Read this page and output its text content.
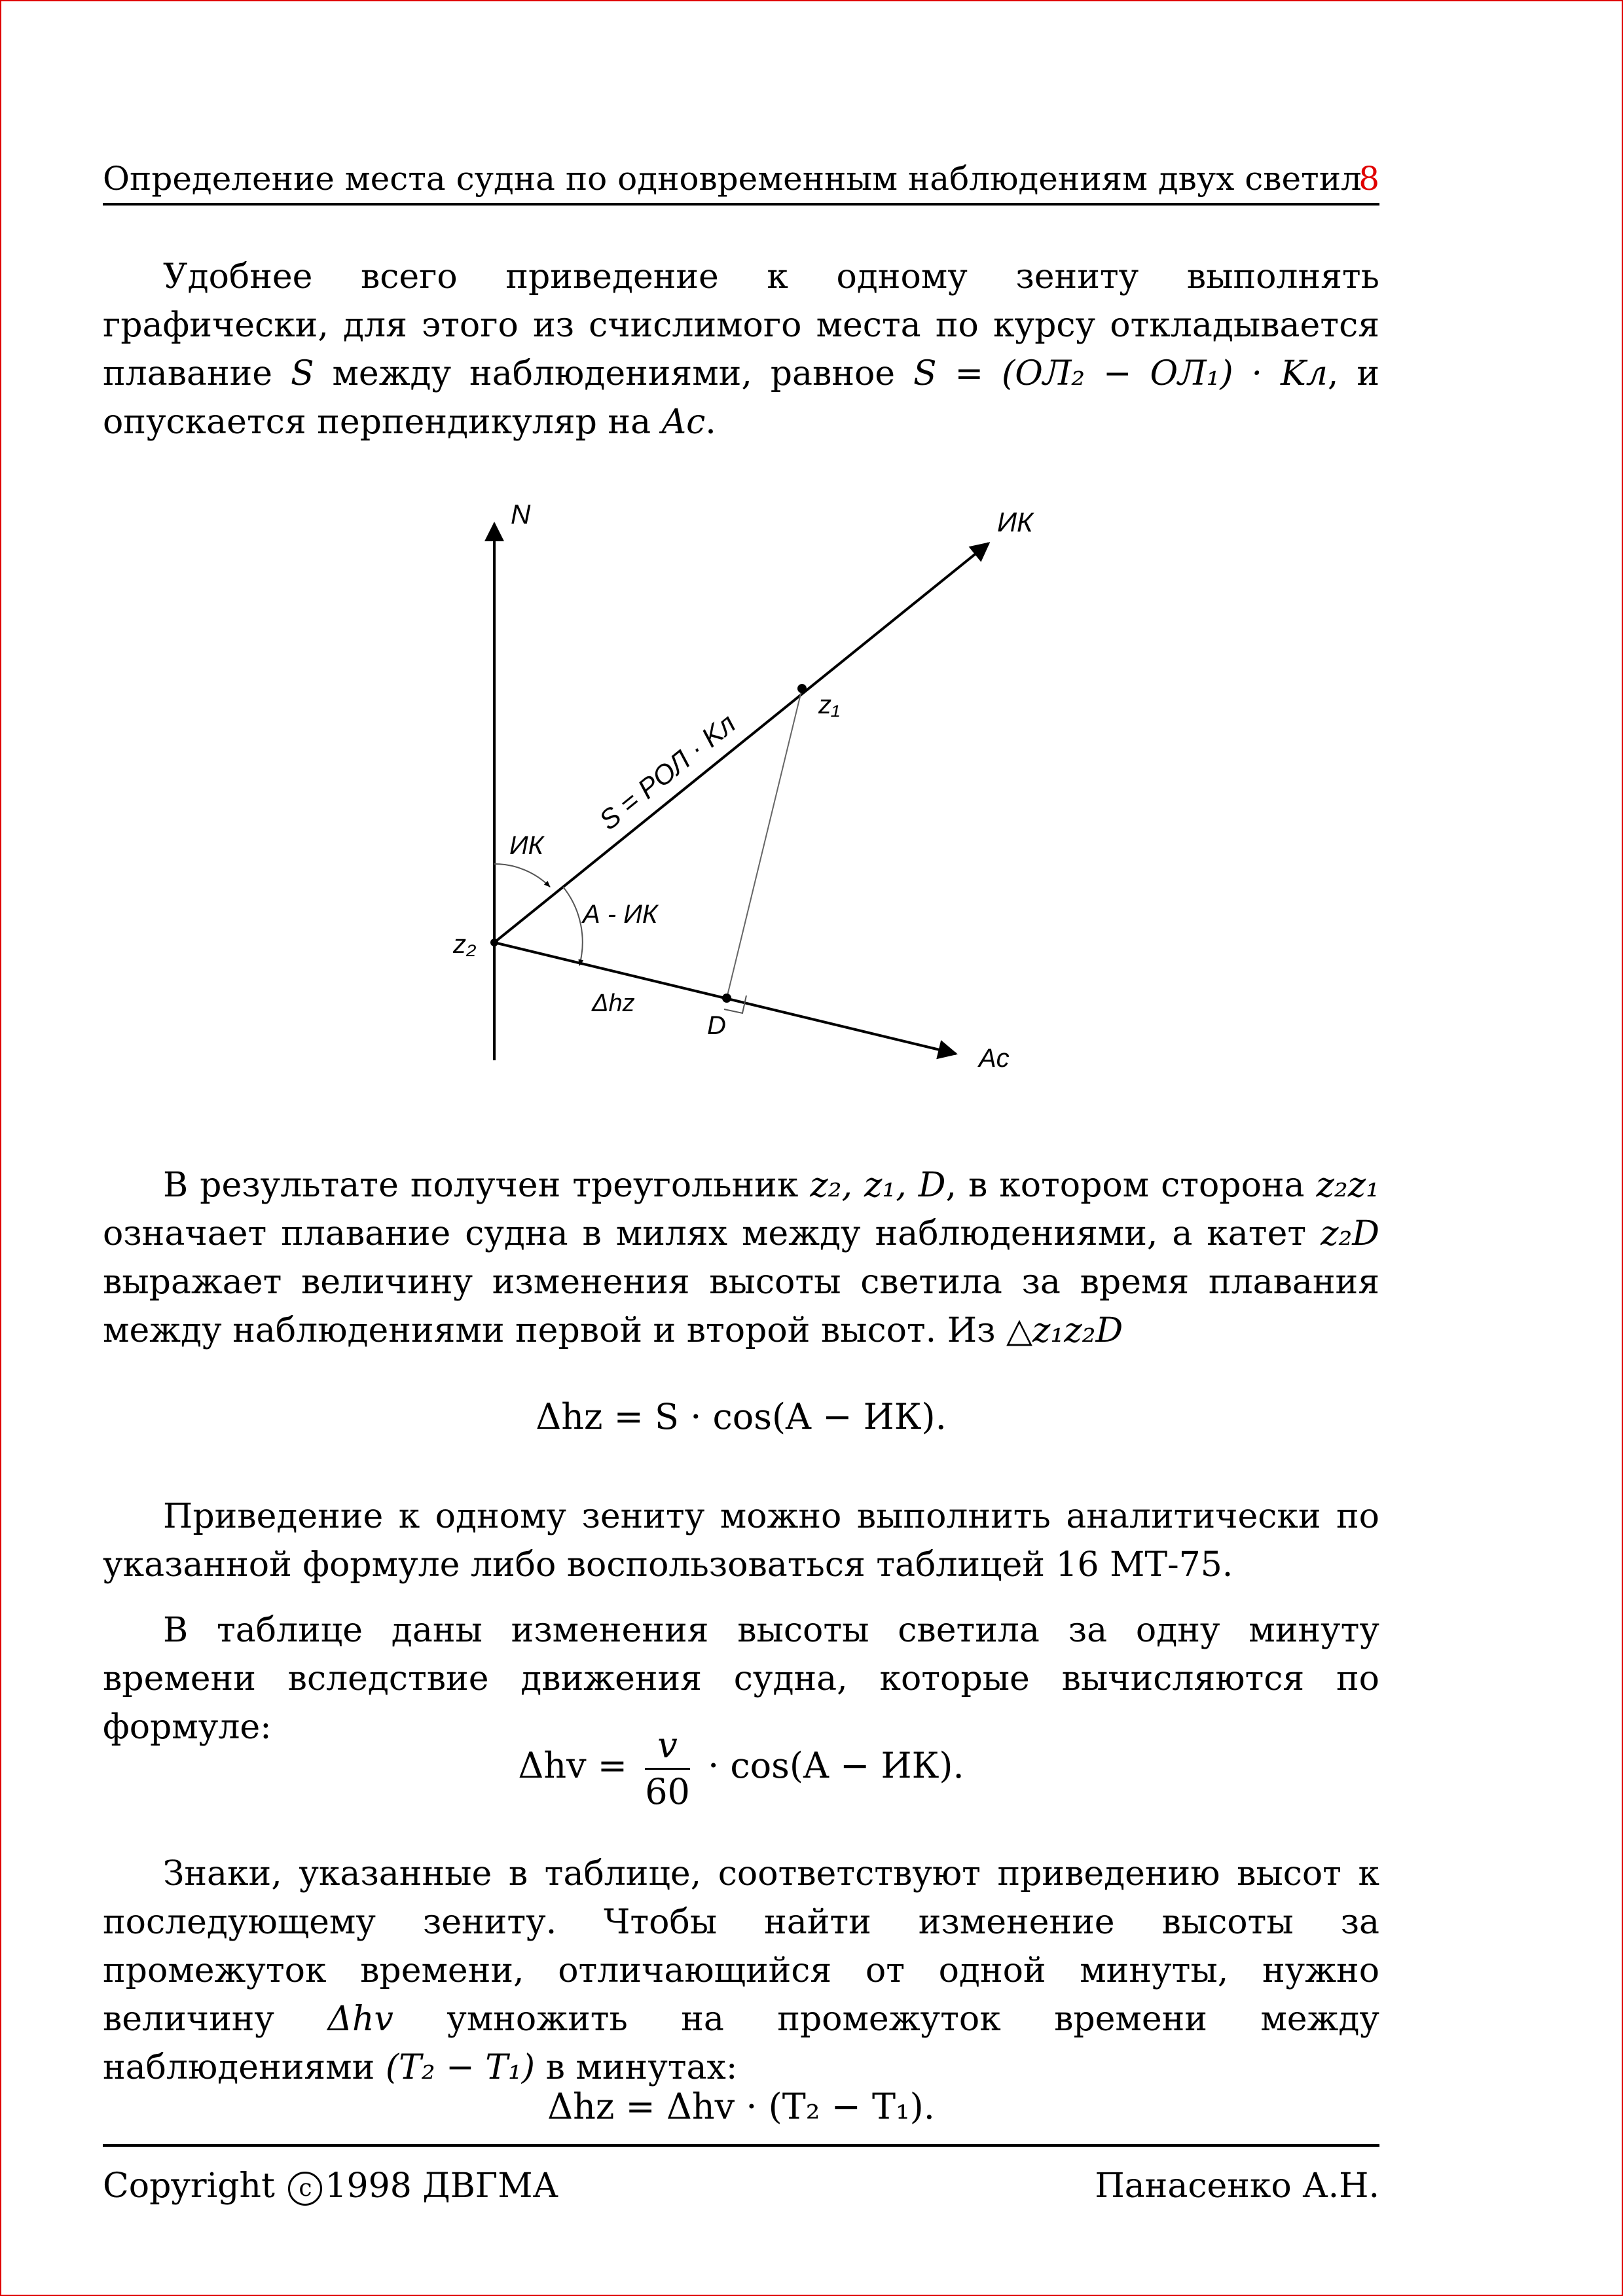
Определение места судна по одновременным наблюдениям двух светил
8
Удобнее всего приведение к одному зениту выполнять графически, для этого из счислимого места по курсу откладывается плавание S между наблюдениями, равное S = (ОЛ₂ − ОЛ₁) · Kл, и опускается перпендикуляр на Ac.
N	ИК
z₁
S = РОЛ · Kл
ИК
А - ИК
z₂
Δhz
D
Ac
В результате получен треугольник z₂, z₁, D, в котором сторона z₂z₁ означает плавание судна в милях между наблюдениями, а катет z₂D выражает величину изменения высоты светила за время плавания между наблюдениями первой и второй высот. Из △z₁z₂D
Δhz = S · cos(A − ИК).
Приведение к одному зениту можно выполнить аналитически по указанной формуле либо воспользоваться таблицей 16 МТ-75.
В таблице даны изменения высоты светила за одну минуту времени вследствие движения судна, которые вычисляются по формуле:
$\Delta hv = \frac{v}{60} \cdot \cos(A - ИК)$.
Знаки, указанные в таблице, соответствуют приведению высот к последующему зениту. Чтобы найти изменение высоты за промежуток времени, отличающийся от одной минуты, нужно величину Δhv умножить на промежуток времени между наблюдениями (T₂ − T₁) в минутах:
Δhz = Δhv · (T₂ − T₁).
Copyright c 1998 ДВГМА	Панасенко А.Н.
